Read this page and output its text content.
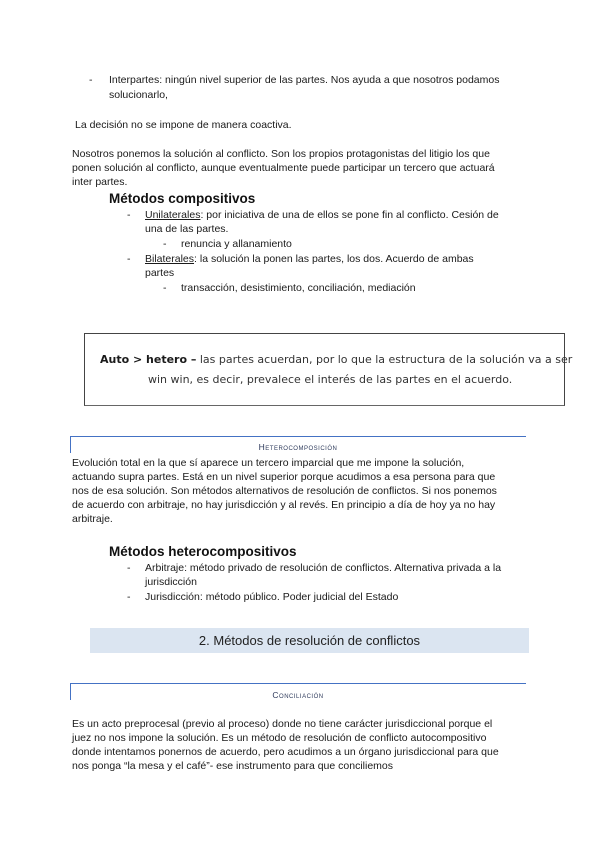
-	Interpartes: ningún nivel superior de las partes. Nos ayuda a que nosotros podamos
solucionarlo,
La decisión no se impone de manera coactiva.
Nosotros ponemos la solución al conflicto. Son los propios protagonistas del litigio los que
ponen solución al conflicto, aunque eventualmente puede participar un tercero que actuará
inter partes.
Métodos compositivos
-	Unilaterales: por iniciativa de una de ellos se pone fin al conflicto. Cesión de
una de las partes.
-	renuncia y allanamiento
-	Bilaterales: la solución la ponen las partes, los dos. Acuerdo de ambas
partes
-	transacción, desistimiento, conciliación, mediación
Auto > hetero – las partes acuerdan, por lo que la estructura de la solución va a ser
win win, es decir, prevalece el interés de las partes en el acuerdo.
Heterocomposición
Evolución total en la que sí aparece un tercero imparcial que me impone la solución,
actuando supra partes. Está en un nivel superior porque acudimos a esa persona para que
nos de esa solución. Son métodos alternativos de resolución de conflictos. Si nos ponemos
de acuerdo con arbitraje, no hay jurisdicción y al revés. En principio a día de hoy ya no hay
arbitraje.
Métodos heterocompositivos
-	Arbitraje: método privado de resolución de conflictos. Alternativa privada a la
jurisdicción
-	Jurisdicción: método público. Poder judicial del Estado
2. Métodos de resolución de conflictos
Conciliación
Es un acto preprocesal (previo al proceso) donde no tiene carácter jurisdiccional porque el
juez no nos impone la solución. Es un método de resolución de conflicto autocompositivo
donde intentamos ponernos de acuerdo, pero acudimos a un órgano jurisdiccional para que
nos ponga “la mesa y el café”- ese instrumento para que conciliemos
